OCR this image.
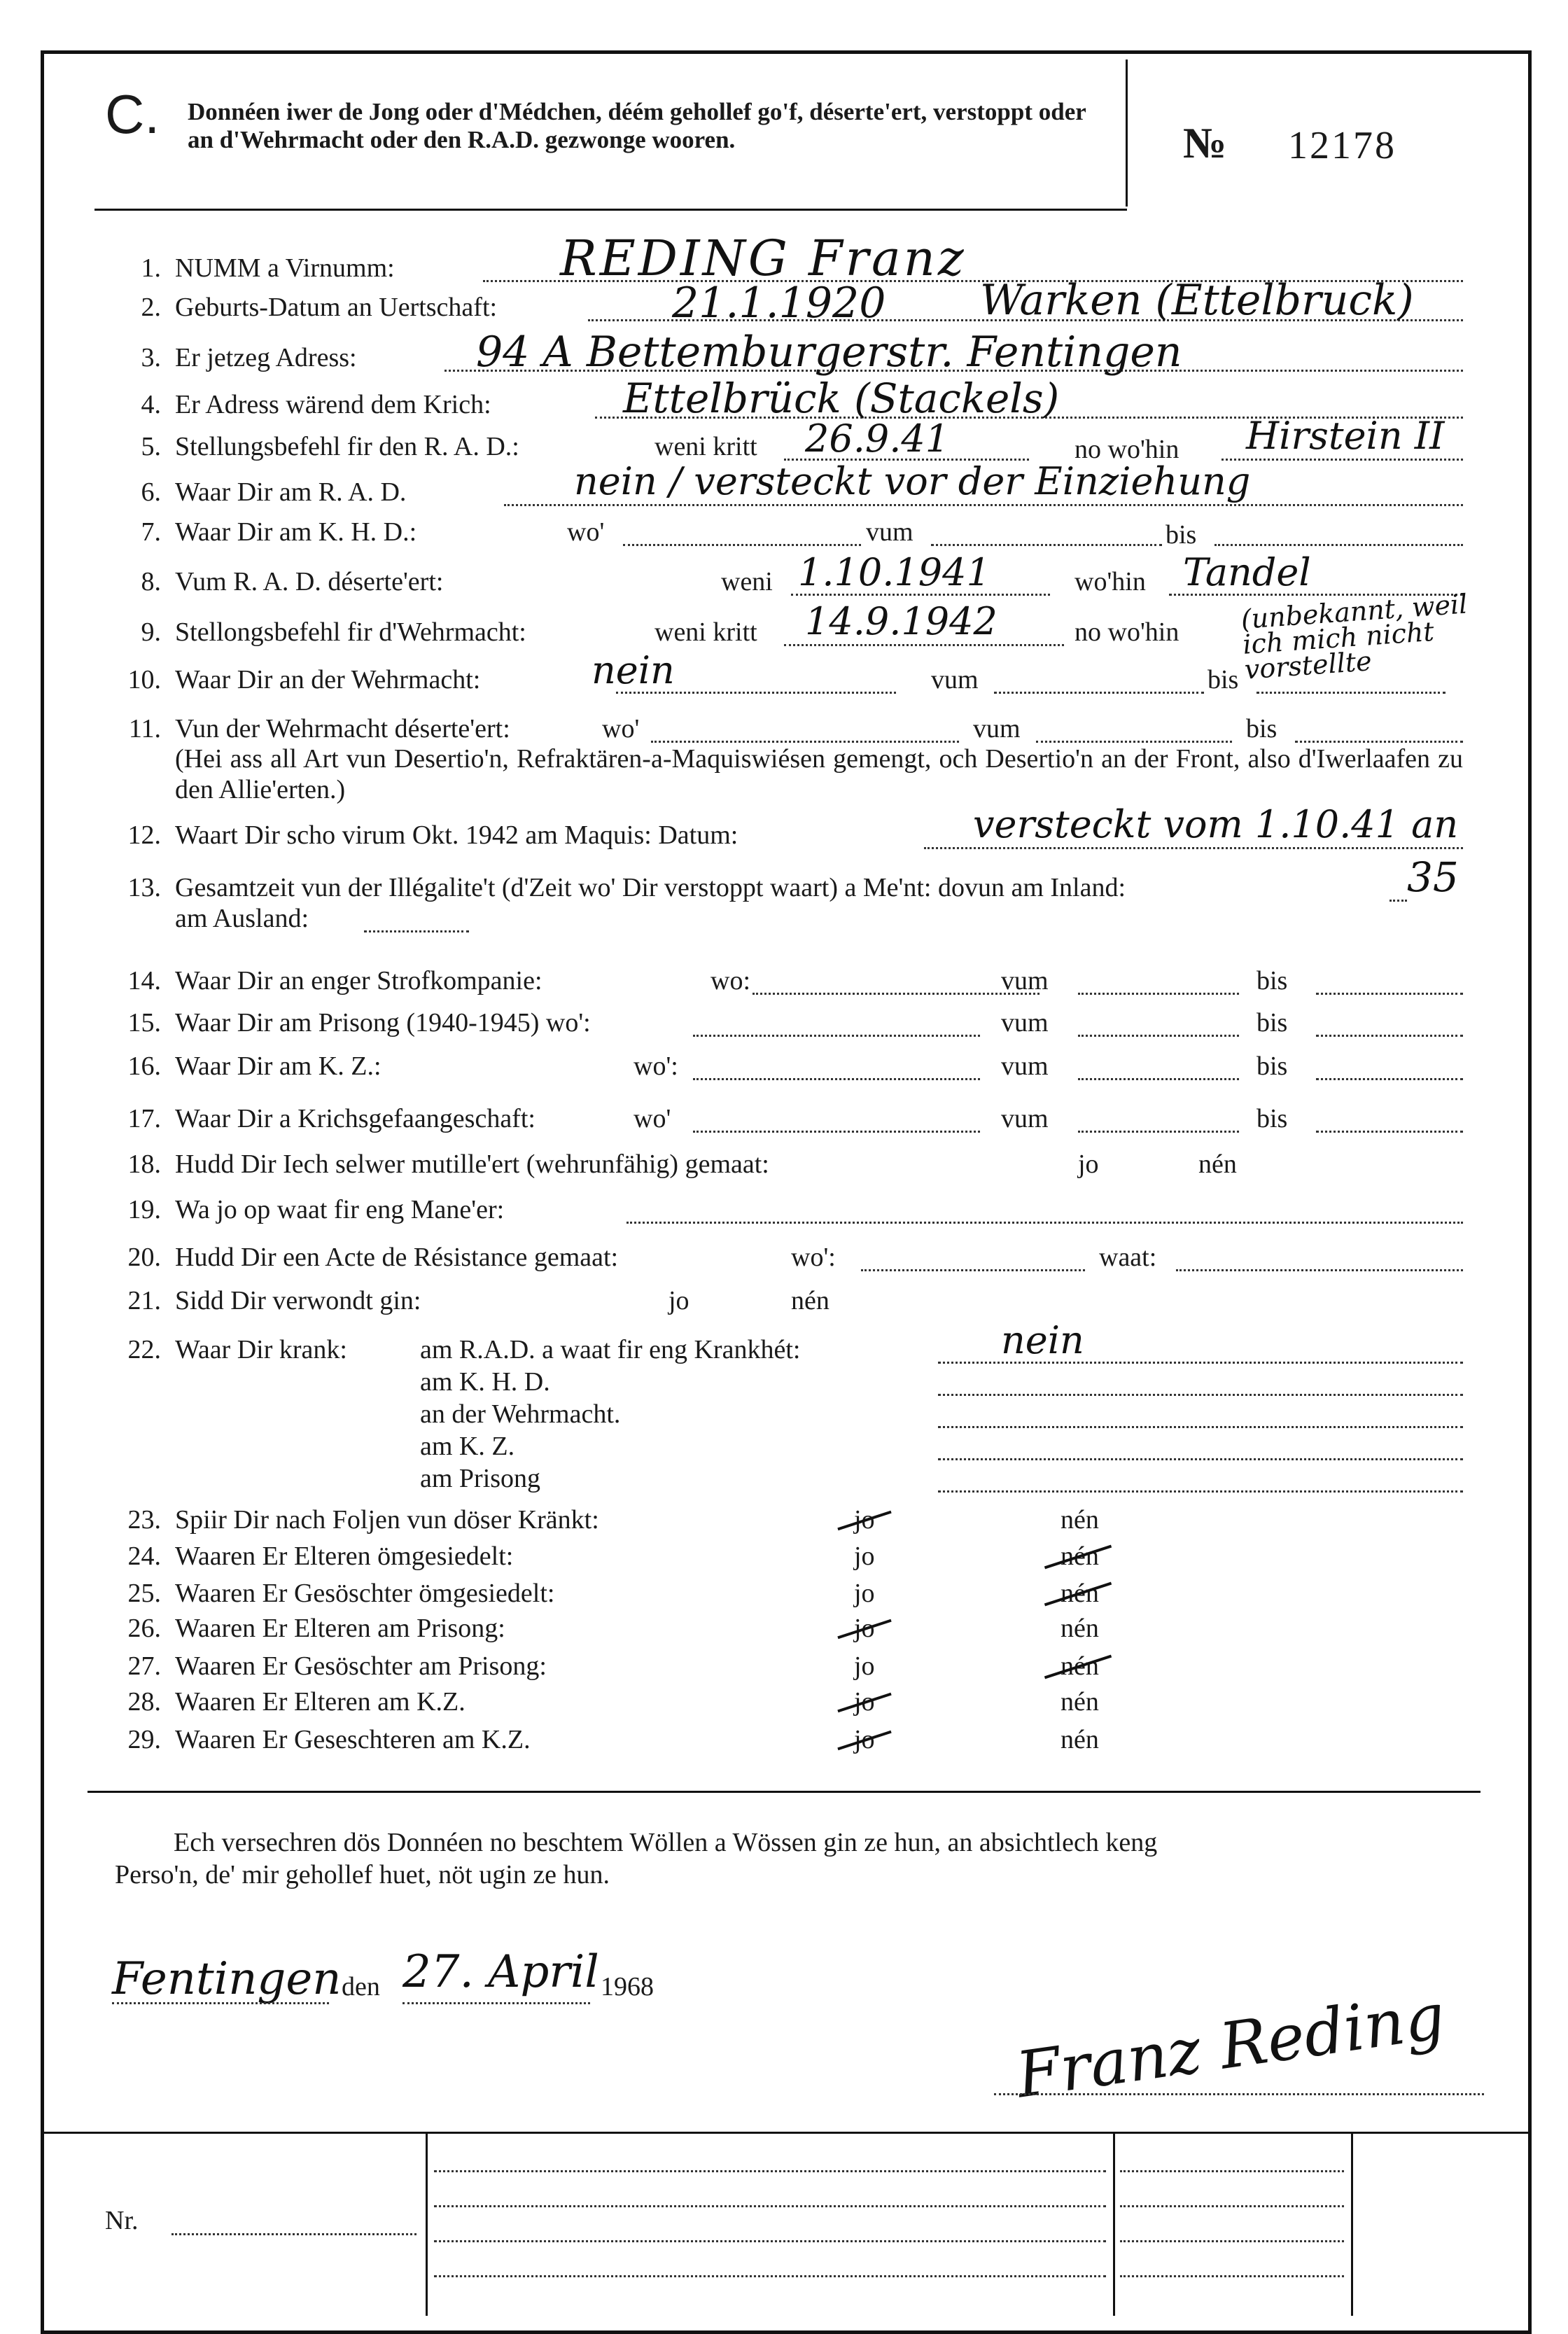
C. Donnéen iwer de Jong oder d'Médchen, déém gehollef go'f, déserte'ert, verstoppt oder an d'Wehrmacht oder den R.A.D. gezwonge wooren.	№ 12178
1. NUMM a Virnumm:	REDING Franz
2. Geburts-Datum an Uertschaft:	21.1.1920 Warken (Ettelbruck)
3. Er jetzeg Adress:	94 A Bettemburgerstr. Fentingen
4. Er Adress wärend dem Krich:	Ettelbrück (Stackels)
5. Stellungsbefehl fir den R. A. D.:	weni kritt 26.9.41	no wo'hin Hirstein II
6. Waar Dir am R. A. D.	nein / versteckt vor der Einziehung
7. Waar Dir am K. H. D.:	wo'	vum	bis
8. Vum R. A. D. déserte'ert:	weni 1.10.1941	wo'hin Tandel
9. Stellongsbefehl fir d'Wehrmacht:	weni kritt 14.9.1942	no wo'hin (unbekannt, weil ich mich nicht vorstellte
10. Waar Dir an der Wehrmacht:	nein	vum	bis
11. Vun der Wehrmacht déserte'ert:	wo'	vum	bis
(Hei ass all Art vun Desertio'n, Refraktären-a-Maquiswiésen gemengt, och Desertio'n an der Front, also d'Iwerlaafen zu den Allie'erten.)
12. Waart Dir scho virum Okt. 1942 am Maquis: Datum:	versteckt vom 1.10.41 an
13. Gesamtzeit vun der Illégalite't (d'Zeit wo' Dir verstoppt waart) a Me'nt: dovun am Inland:	35
am Ausland:
14. Waar Dir an enger Strofkompanie:	wo:	vum	bis
15. Waar Dir am Prisong (1940-1945) wo':	vum	bis
16. Waar Dir am K. Z.:	wo':	vum	bis
17. Waar Dir a Krichsgefaangeschaft:	wo'	vum	bis
18. Hudd Dir Iech selwer mutille'ert (wehrunfähig) gemaat:	jo	nén
19. Wa jo op waat fir eng Mane'er:
20. Hudd Dir een Acte de Résistance gemaat:	wo':	waat:
21. Sidd Dir verwondt gin:	jo	nén
22. Waar Dir krank:	am R.A.D. a waat fir eng Krankhét:	nein
am K. H. D.
an der Wehrmacht.
am K. Z.
am Prisong
23. Spiir Dir nach Foljen vun döser Kränkt:	jo	nén
24. Waaren Er Elteren ömgesiedelt:	jo	nén
25. Waaren Er Gesöschter ömgesiedelt:	jo	nén
26. Waaren Er Elteren am Prisong:	jo	nén
27. Waaren Er Gesöschter am Prisong:	jo	nén
28. Waaren Er Elteren am K.Z.	jo	nén
29. Waaren Er Geseschteren am K.Z.	jo	nén
Ech versechren dös Donnéen no beschtem Wöllen a Wössen gin ze hun, an absichtlech keng
Perso'n, de' mir gehollef huet, nöt ugin ze hun.
Fentingen den 27. April 1968	Franz Reding
Nr.
